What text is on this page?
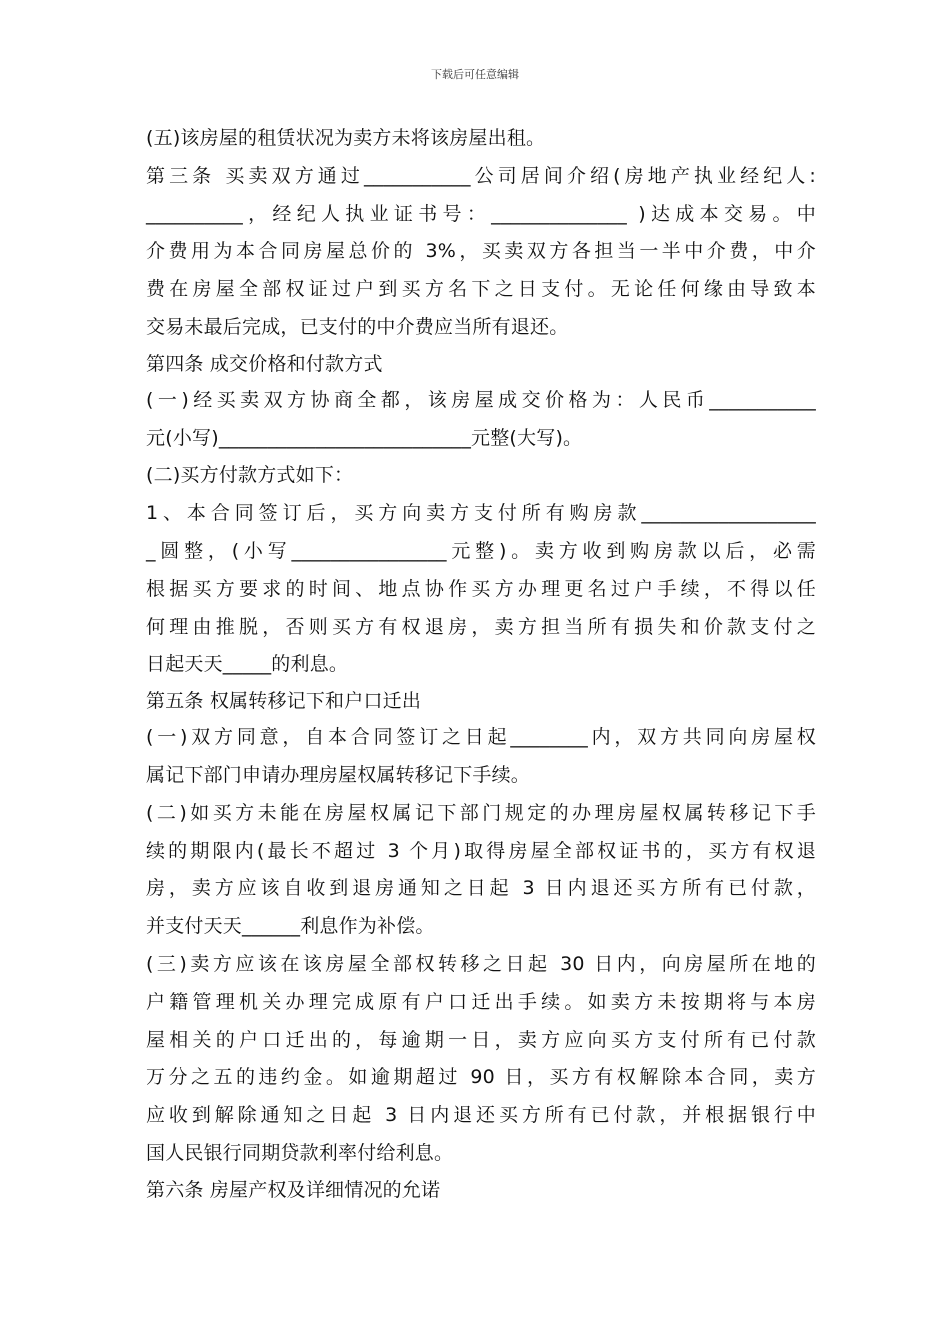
下载后可任意编辑
(五)该房屋的租赁状况为卖方未将该房屋出租。
第三条 买卖双方通过___________公司居间介绍(房地产执业经纪人:
__________，经纪人执业证书号：______________ )达成本交易。中
介费用为本合同房屋总价的 3%，买卖双方各担当一半中介费，中介
费在房屋全部权证过户到买方名下之日支付。无论任何缘由导致本
交易未最后完成，已支付的中介费应当所有退还。
第四条 成交价格和付款方式
(一)经买卖双方协商全都，该房屋成交价格为：人民币___________
元(小写)__________________________元整(大写)。
(二)买方付款方式如下：
1、本合同签订后，买方向卖方支付所有购房款__________________
_圆整，(小写________________元整)。卖方收到购房款以后，必需
根据买方要求的时间、地点协作买方办理更名过户手续，不得以任
何理由推脱，否则买方有权退房，卖方担当所有损失和价款支付之
日起天天_____的利息。
第五条 权属转移记下和户口迁出
(一)双方同意，自本合同签订之日起________内，双方共同向房屋权
属记下部门申请办理房屋权属转移记下手续。
(二)如买方未能在房屋权属记下部门规定的办理房屋权属转移记下手
续的期限内(最长不超过 3 个月)取得房屋全部权证书的，买方有权退
房，卖方应该自收到退房通知之日起 3 日内退还买方所有已付款，
并支付天天______利息作为补偿。
(三)卖方应该在该房屋全部权转移之日起 30 日内，向房屋所在地的
户籍管理机关办理完成原有户口迁出手续。如卖方未按期将与本房
屋相关的户口迁出的，每逾期一日，卖方应向买方支付所有已付款
万分之五的违约金。如逾期超过 90 日，买方有权解除本合同，卖方
应收到解除通知之日起 3 日内退还买方所有已付款，并根据银行中
国人民银行同期贷款利率付给利息。
第六条 房屋产权及详细情况的允诺
